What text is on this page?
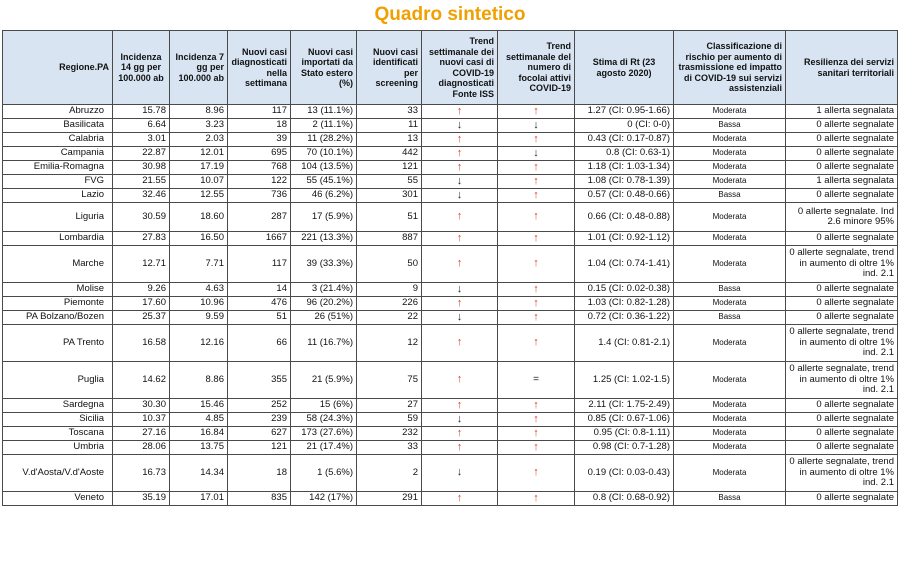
Quadro sintetico
Regione.PA	Incidenza 14 gg per 100.000 ab	Incidenza 7 gg per 100.000 ab	Nuovi casi diagnosticati nella settimana	Nuovi casi importati da Stato estero (%)	Nuovi casi identificati per screening	Trend settimanale dei nuovi casi di COVID-19 diagnosticati Fonte ISS	Trend settimanale del numero di focolai attivi COVID-19	Stima di Rt (23 agosto 2020)	Classificazione di rischio per aumento di trasmissione ed impatto di COVID-19 sui servizi assistenziali	Resilienza dei servizi sanitari territoriali
Abruzzo	15.78	8.96	117	13 (11.1%)	33	↑	↑	1.27 (CI: 0.95-1.66)	Moderata	1 allerta segnalata
Basilicata	6.64	3.23	18	2 (11.1%)	11	↓	↓	0 (CI: 0-0)	Bassa	0 allerte segnalate
Calabria	3.01	2.03	39	11 (28.2%)	13	↑	↑	0.43 (CI: 0.17-0.87)	Moderata	0 allerte segnalate
Campania	22.87	12.01	695	70 (10.1%)	442	↑	↓	0.8 (CI: 0.63-1)	Moderata	0 allerte segnalate
Emilia-Romagna	30.98	17.19	768	104 (13.5%)	121	↑	↑	1.18 (CI: 1.03-1.34)	Moderata	0 allerte segnalate
FVG	21.55	10.07	122	55 (45.1%)	55	↓	↑	1.08 (CI: 0.78-1.39)	Moderata	1 allerta segnalata
Lazio	32.46	12.55	736	46 (6.2%)	301	↓	↑	0.57 (CI: 0.48-0.66)	Bassa	0 allerte segnalate
Liguria	30.59	18.60	287	17 (5.9%)	51	↑	↑	0.66 (CI: 0.48-0.88)	Moderata	0 allerte segnalate. Ind 2.6 minore 95%
Lombardia	27.83	16.50	1667	221 (13.3%)	887	↑	↑	1.01 (CI: 0.92-1.12)	Moderata	0 allerte segnalate
Marche	12.71	7.71	117	39 (33.3%)	50	↑	↑	1.04 (CI: 0.74-1.41)	Moderata	0 allerte segnalate, trend in aumento di oltre 1% ind. 2.1
Molise	9.26	4.63	14	3 (21.4%)	9	↓	↑	0.15 (CI: 0.02-0.38)	Bassa	0 allerte segnalate
Piemonte	17.60	10.96	476	96 (20.2%)	226	↑	↑	1.03 (CI: 0.82-1.28)	Moderata	0 allerte segnalate
PA Bolzano/Bozen	25.37	9.59	51	26 (51%)	22	↓	↑	0.72 (CI: 0.36-1.22)	Bassa	0 allerte segnalate
PA Trento	16.58	12.16	66	11 (16.7%)	12	↑	↑	1.4 (CI: 0.81-2.1)	Moderata	0 allerte segnalate, trend in aumento di oltre 1% ind. 2.1
Puglia	14.62	8.86	355	21 (5.9%)	75	↑	=	1.25 (CI: 1.02-1.5)	Moderata	0 allerte segnalate, trend in aumento di oltre 1% ind. 2.1
Sardegna	30.30	15.46	252	15 (6%)	27	↑	↑	2.11 (CI: 1.75-2.49)	Moderata	0 allerte segnalate
Sicilia	10.37	4.85	239	58 (24.3%)	59	↓	↑	0.85 (CI: 0.67-1.06)	Moderata	0 allerte segnalate
Toscana	27.16	16.84	627	173 (27.6%)	232	↑	↑	0.95 (CI: 0.8-1.11)	Moderata	0 allerte segnalate
Umbria	28.06	13.75	121	21 (17.4%)	33	↑	↑	0.98 (CI: 0.7-1.28)	Moderata	0 allerte segnalate
V.d'Aosta/V.d'Aoste	16.73	14.34	18	1 (5.6%)	2	↓	↑	0.19 (CI: 0.03-0.43)	Moderata	0 allerte segnalate, trend in aumento di oltre 1% ind. 2.1
Veneto	35.19	17.01	835	142 (17%)	291	↑	↑	0.8 (CI: 0.68-0.92)	Bassa	0 allerte segnalate
